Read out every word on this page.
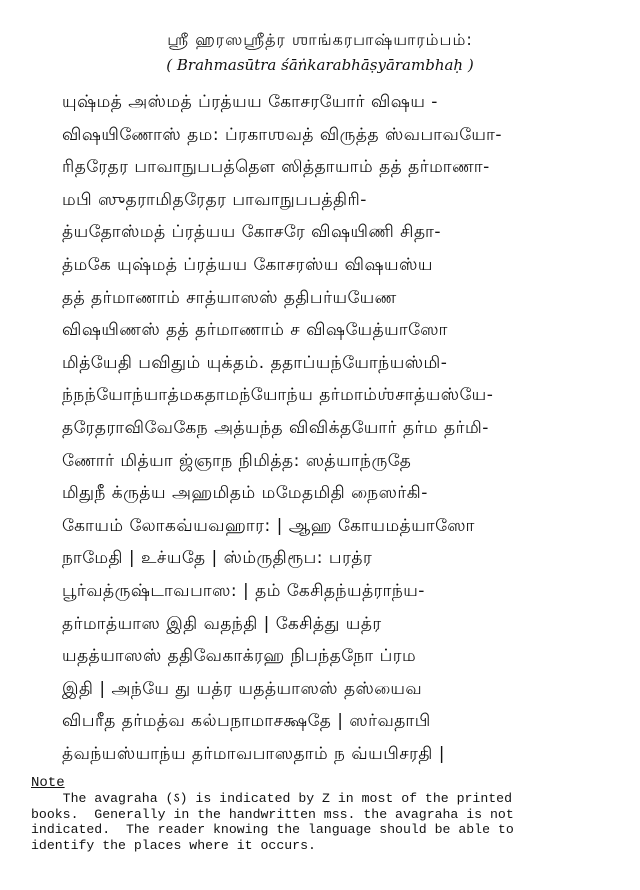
ஶ்ரீ ஹரஸஸ்ரீத்ர ஶாங்கரபாஷ்யாரம்பம்:
( Brahmasūtra śāṅkarabhāṣyārambhaḥ )
யுஷ்மத் அஸ்மத் ப்ரத்யய கோசரயோர் விஷய -
விஷயிணோஸ் தம: ப்ரகாஶவத் விருத்த ஸ்வபாவயோ-
ரிதரேதர பாவாநுபபத்தௌ ஸித்தாயாம் தத் தர்மாணா-
மபி ஸுதராமிதரேதர பாவாநுபபத்திரி-
த்யதோஸ்மத் ப்ரத்யய கோசரே விஷயிணி சிதா-
த்மகே யுஷ்மத் ப்ரத்யய கோசரஸ்ய விஷயஸ்ய
தத் தர்மாணாம் சாத்யாஸஸ் ததிபர்யயேண
விஷயிணஸ் தத் தர்மாணாம் ச விஷயேத்யாஸோ
மித்யேதி பவிதும் யுக்தம். ததாப்யந்யோந்யஸ்மி-
ந்நந்யோந்யாத்மகதாமந்யோந்ய தர்மாம்ஶ்சாத்யஸ்யே-
தரேதராவிவேகேந அத்யந்த விவிக்தயோர் தர்ம தர்மி-
ணோர் மித்யா ஜ்ஞாந நிமித்த: ஸத்யாந்ருதே
மிதுநீ க்ருத்ய அஹமிதம் மமேதமிதி நைஸர்கி-
கோயம் லோகவ்யவஹார: | ஆஹ கோயமத்யாஸோ
நாமேதி | உச்யதே | ஸ்ம்ருதிரூப: பரத்ர
பூர்வத்ருஷ்டாவபாஸ: | தம் கேசிதந்யத்ராந்ய-
தர்மாத்யாஸ இதி வதந்தி | கேசித்து யத்ர
யதத்யாஸஸ் ததிவேகாக்ரஹ நிபந்தநோ ப்ரம
இதி | அந்யே து யத்ர யதத்யாஸஸ் தஸ்யைவ
விபரீத தர்மத்வ கல்பநாமாசக்ஷதே | ஸர்வதாபி
த்வந்யஸ்யாந்ய தர்மாவபாஸதாம் ந வ்யபிசரதி |
Note
The avagraha (ऽ) is indicated by Z in most of the printed
books.  Generally in the handwritten mss. the avagraha is not
indicated.  The reader knowing the language should be able to
identify the places where it occurs.
